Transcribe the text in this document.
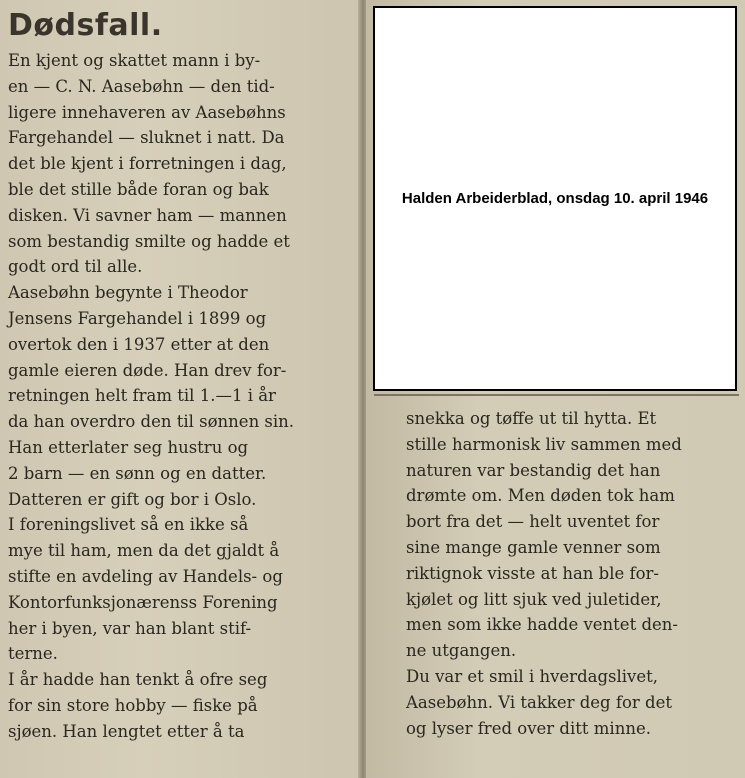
Dødsfall.

En kjent og skattet mann i by-
en — C. N. Aasebøhn — den tid-
ligere innehaveren av Aasebøhns
Fargehandel — sluknet i natt. Da
det ble kjent i forretningen i dag,
ble det stille både foran og bak
disken. Vi savner ham — mannen
som bestandig smilte og hadde et
godt ord til alle.

Aasebøhn begynte i Theodor
Jensens Fargehandel i 1899 og
overtok den i 1937 etter at den
gamle eieren døde. Han drev for-
retningen helt fram til 1.—1 i år
da han overdro den til sønnen sin.
Han etterlater seg hustru og
2 barn — en sønn og en datter.
Datteren er gift og bor i Oslo.

I foreningslivet så en ikke så
mye til ham, men da det gjaldt å
stifte en avdeling av Handels- og
Kontorfunksjonærenss Forening
her i byen, var han blant stif-
terne.

I år hadde han tenkt å ofre seg
for sin store hobby — fiske på
sjøen. Han lengtet etter å ta

snekka og tøffe ut til hytta. Et
stille harmonisk liv sammen med
naturen var bestandig det han
drømte om. Men døden tok ham
bort fra det — helt uventet for
sine mange gamle venner som
riktignok visste at han ble for-
kjølet og litt sjuk ved juletider,
men som ikke hadde ventet den-
ne utgangen.

Du var et smil i hverdagslivet,
Aasebøhn. Vi takker deg for det
og lyser fred over ditt minne.

Halden Arbeiderblad, onsdag 10. april 1946
